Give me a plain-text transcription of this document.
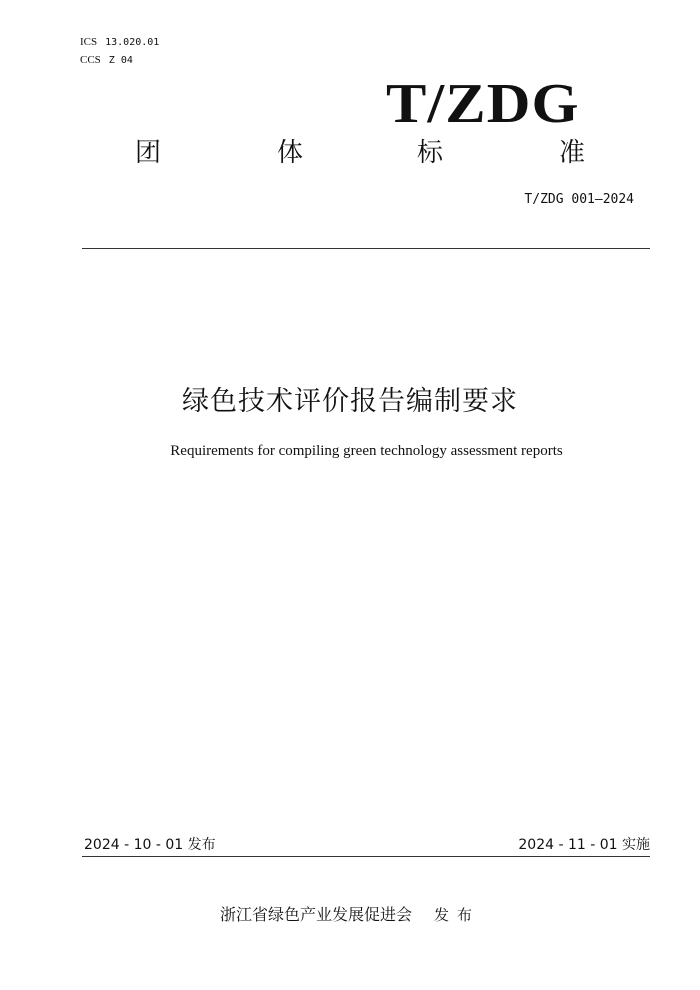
ICS 13.020.01
CCS Z 04
T/ZDG
团	体	标	准
T/ZDG 001—2024
绿色技术评价报告编制要求
Requirements for compiling green technology assessment reports
2024 - 10 - 01 发布	2024 - 11 - 01 实施
浙江省绿色产业发展促进会 发布
